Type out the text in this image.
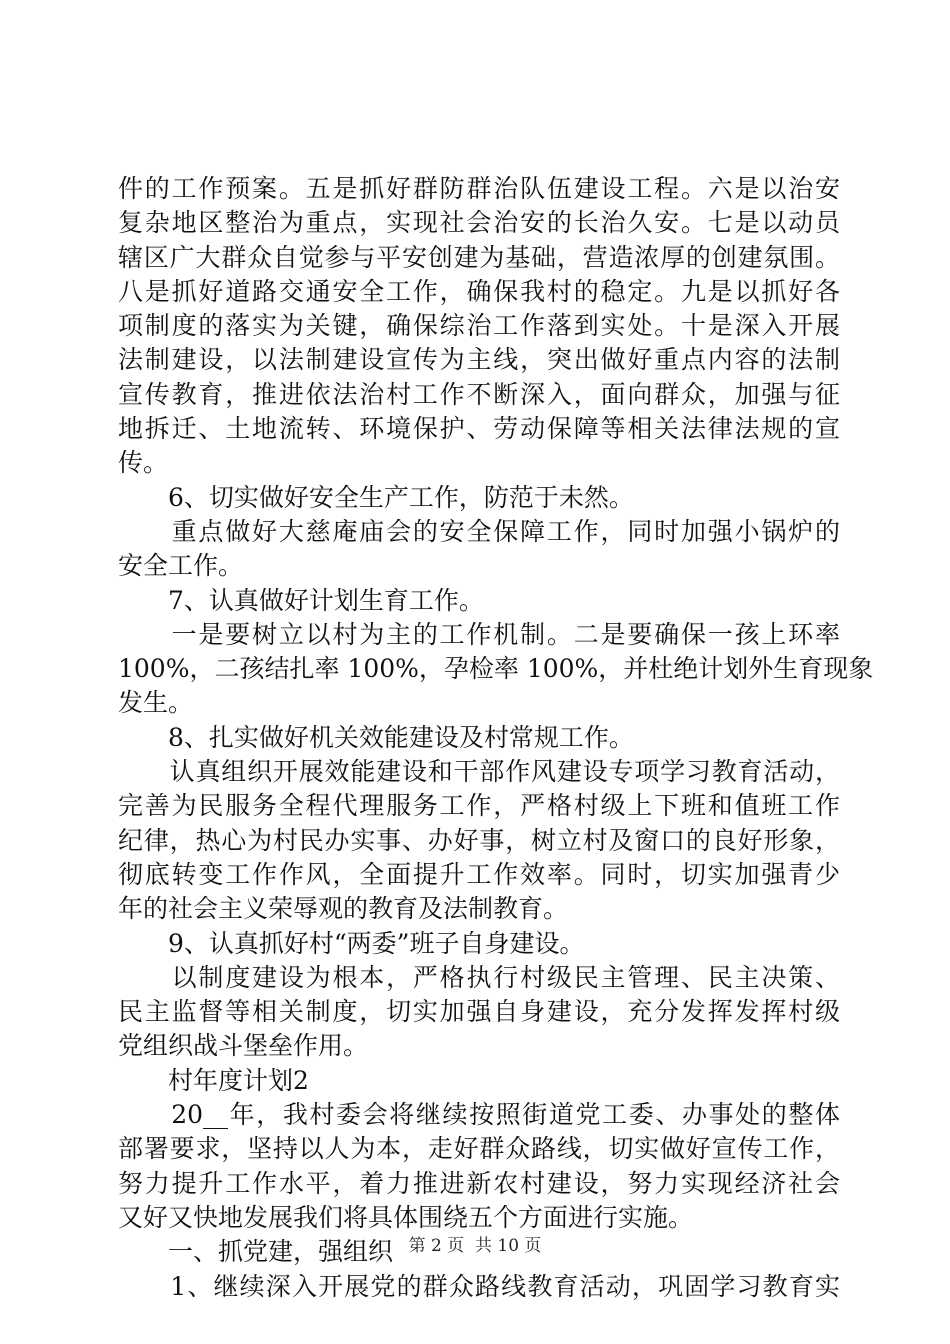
件的工作预案。五是抓好群防群治队伍建设工程。六是以治安
复杂地区整治为重点，实现社会治安的长治久安。七是以动员
辖区广大群众自觉参与平安创建为基础，营造浓厚的创建氛围。
八是抓好道路交通安全工作，确保我村的稳定。九是以抓好各
项制度的落实为关键，确保综治工作落到实处。十是深入开展
法制建设，以法制建设宣传为主线，突出做好重点内容的法制
宣传教育，推进依法治村工作不断深入，面向群众，加强与征
地拆迁、土地流转、环境保护、劳动保障等相关法律法规的宣
传。
　　6、切实做好安全生产工作，防范于未然。
　　重点做好大慈庵庙会的安全保障工作，同时加强小锅炉的
安全工作。
　　7、认真做好计划生育工作。
　　一是要树立以村为主的工作机制。二是要确保一孩上环率
100%，二孩结扎率 100%，孕检率 100%，并杜绝计划外生育现象
发生。
　　8、扎实做好机关效能建设及村常规工作。
　　认真组织开展效能建设和干部作风建设专项学习教育活动，
完善为民服务全程代理服务工作，严格村级上下班和值班工作
纪律，热心为村民办实事、办好事，树立村及窗口的良好形象，
彻底转变工作作风，全面提升工作效率。同时，切实加强青少
年的社会主义荣辱观的教育及法制教育。
　　9、认真抓好村“两委”班子自身建设。
　　以制度建设为根本，严格执行村级民主管理、民主决策、
民主监督等相关制度，切实加强自身建设，充分发挥发挥村级
党组织战斗堡垒作用。
　　村年度计划2
　　20__年，我村委会将继续按照街道党工委、办事处的整体
部署要求，坚持以人为本，走好群众路线，切实做好宣传工作，
努力提升工作水平，着力推进新农村建设，努力实现经济社会
又好又快地发展我们将具体围绕五个方面进行实施。
　　一、抓党建，强组织
　　1、继续深入开展党的群众路线教育活动，巩固学习教育实
第 2 页  共 10 页
